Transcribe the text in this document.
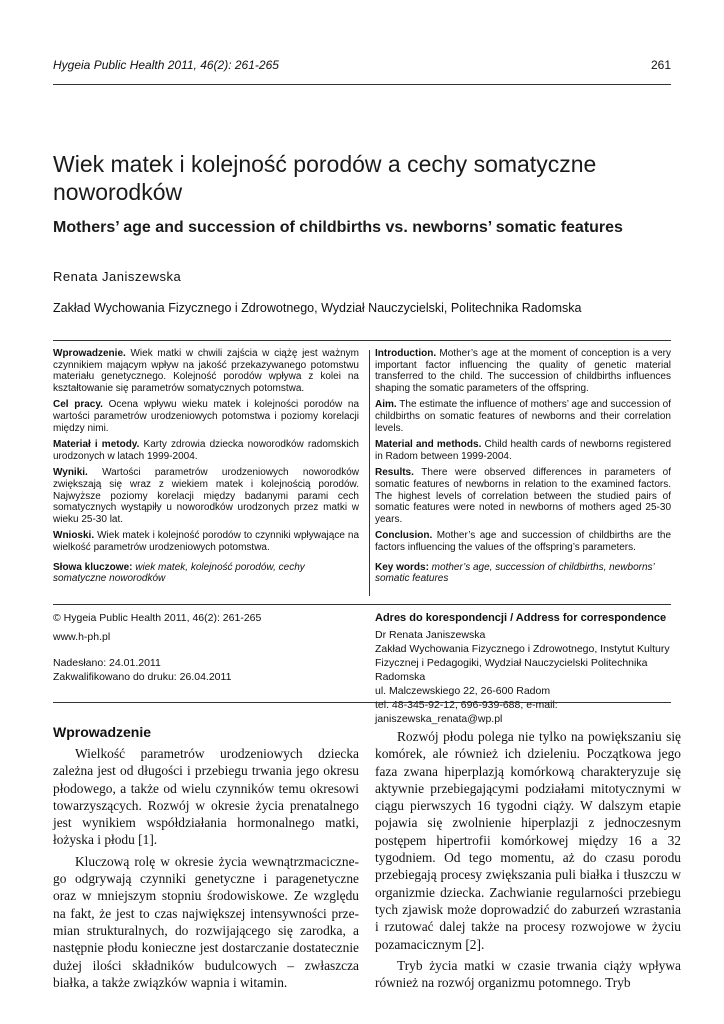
Hygeia Public Health 2011, 46(2): 261-265	261
Wiek matek i kolejność porodów a cechy somatyczne noworodków
Mothers’ age and succession of childbirths vs. newborns’ somatic features
Renata Janiszewska
Zakład Wychowania Fizycznego i Zdrowotnego, Wydział Nauczycielski, Politechnika Radomska

Wprowadzenie. Wiek matki w chwili zajścia w ciążę jest ważnym czynnikiem mającym wpływ na jakość przekazywanego potomstwu materiału genetycznego. Kolejność porodów wpływa z kolei na kształtowanie się parametrów somatycznych potomstwa.

Cel pracy. Ocena wpływu wieku matek i kolejności porodów na wartości parametrów urodzeniowych potomstwa i poziomy korelacji między nimi.

Materiał i metody. Karty zdrowia dziecka noworodków radomskich urodzonych w latach 1999-2004.

Wyniki. Wartości parametrów urodzeniowych noworodków zwiększają się wraz z wiekiem matek i kolejnością porodów. Najwyższe poziomy korelacji między badanymi parami cech somatycznych wystąpiły u noworodków urodzonych przez matki w wieku 25-30 lat.

Wnioski. Wiek matek i kolejność porodów to czynniki wpływające na wielkość parametrów urodzeniowych potomstwa.

Słowa kluczowe: wiek matek, kolejność porodów, cechy somatyczne noworodków

Introduction. Mother’s age at the moment of conception is a very important factor influencing the quality of genetic material transferred to the child. The succession of childbirths influences shaping the somatic parameters of the offspring.

Aim. The estimate the influence of mothers’ age and succession of childbirths on somatic features of newborns and their correlation levels.

Material and methods. Child health cards of newborns registered in Radom between 1999-2004.

Results. There were observed differences in parameters of somatic features of newborns in relation to the examined factors. The highest levels of correlation between the studied pairs of somatic features were noted in newborns of mothers aged 25-30 years.

Conclusion. Mother’s age and succession of childbirths are the factors influencing the values of the offspring’s parameters.

Key words: mother’s age, succession of childbirths, newborns’ somatic features

© Hygeia Public Health 2011, 46(2): 261-265
www.h-ph.pl
Nadesłano: 24.01.2011
Zakwalifikowano do druku: 26.04.2011
Adres do korespondencji / Address for correspondence
Dr Renata Janiszewska
Zakład Wychowania Fizycznego i Zdrowotnego, Instytut Kultury
Fizycznej i Pedagogiki, Wydział Nauczycielski Politechnika Radomska
ul. Malczewskiego 22, 26-600 Radom
tel. 48-345-92-12, 696-939-688, e-mail: janiszewska_renata@wp.pl
Wprowadzenie

Wielkość parametrów urodzeniowych dziecka zależna jest od długości i przebiegu trwania jego okresu płodowego, a także od wielu czynników temu okresowi towarzyszących. Rozwój w okresie życia prenatalnego jest wynikiem współdziałania hormonalnego matki, łożyska i płodu [1].

Kluczową rolę w okresie życia wewnątrzmacicznego odgrywają czynniki genetyczne i paragenetyczne oraz w mniejszym stopniu środowiskowe. Ze względu na fakt, że jest to czas największej intensywności przemian strukturalnych, do rozwijającego się zarodka, a następnie płodu konieczne jest dostarczanie dostatecznie dużej ilości składników budulcowych – zwłaszcza białka, a także związków wapnia i witamin.

Rozwój płodu polega nie tylko na powiększaniu się komórek, ale również ich dzieleniu. Początkowa jego faza zwana hiperplazją komórkową charakteryzuje się aktywnie przebiegającymi podziałami mitotycznymi w ciągu pierwszych 16 tygodni ciąży. W dalszym etapie pojawia się zwolnienie hiperplazji z jednoczesnym postępem hipertrofii komórkowej między 16 a 32 tygodniem. Od tego momentu, aż do czasu porodu przebiegają procesy zwiększania puli białka i tłuszczu w organizmie dziecka. Zachwianie regularności przebiegu tych zjawisk może doprowadzić do zaburzeń wzrastania i rzutować dalej także na procesy rozwojowe w życiu pozamacicznym [2].

Tryb życia matki w czasie trwania ciąży wpływa również na rozwój organizmu potomnego. Tryb
